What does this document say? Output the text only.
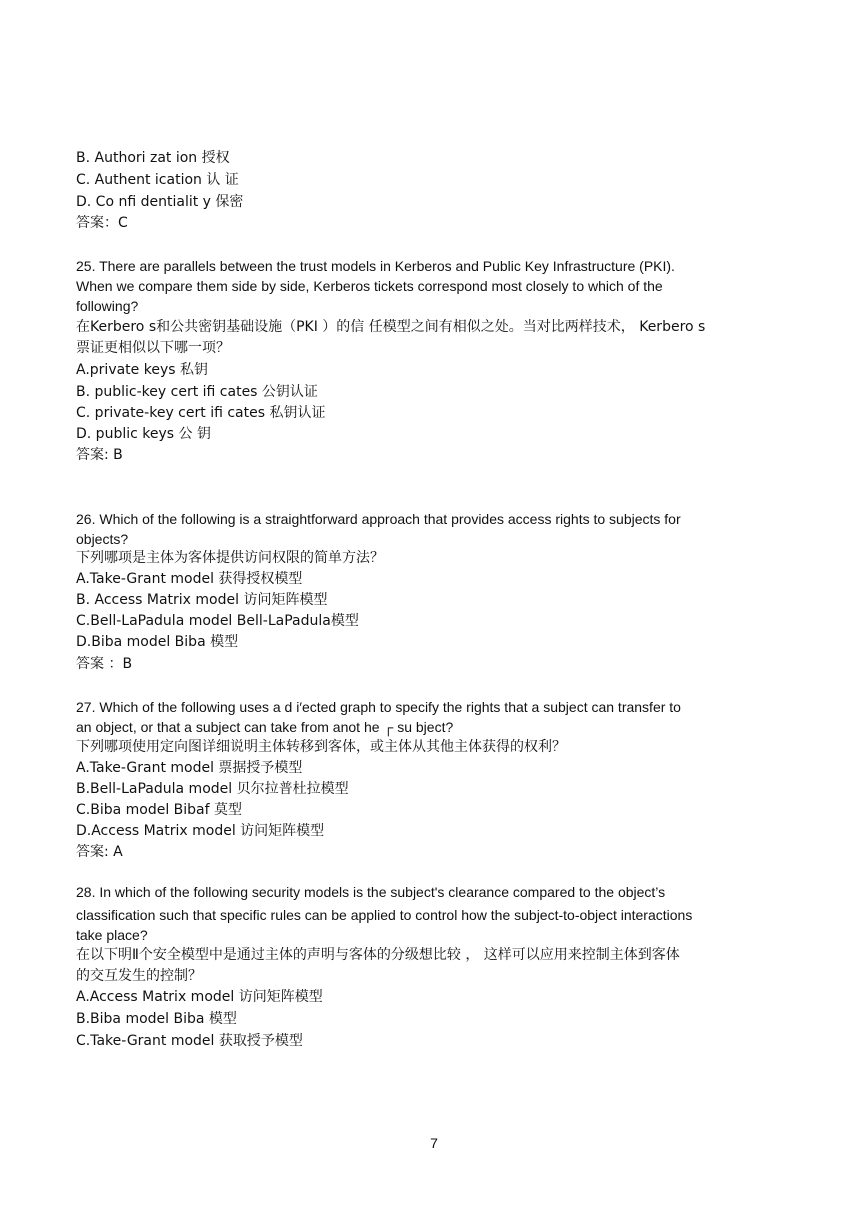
B. Authori zat ion 授权
C. Authent ication 认 证
D. Co nfi dentialit y 保密
答案：C
25. There are parallels between the trust models in Kerberos and Public Key Infrastructure (PKI).
When we compare them side by side, Kerberos tickets correspond most closely to which of the
following?
在Kerbero s和公共密钥基础设施（PKI ）的信 任模型之间有相似之处。当对比两样技术， Kerbero s
票证更相似以下哪一项？
A.private keys 私钥
B. public-key cert ifi cates 公钥认证
C. private-key cert ifi cates 私钥认证
D. public keys 公 钥
答案: B
26. Which of the following is a straightforward approach that provides access rights to subjects for
objects?
下列哪项是主体为客体提供访问权限的简单方法？
A.Take-Grant model 获得授权模型
B. Access Matrix model 访问矩阵模型
C.Bell-LaPadula model Bell-LaPadula模型
D.Biba model Biba 模型
答案 ：B
27. Which of the following uses a d i′ected graph to specify the rights that a subject can transfer to
an object, or that a subject can take from anot he ┌ su bject?
下列哪项使用定向图详细说明主体转移到客体，或主体从其他主体获得的权利？
A.Take-Grant model 票据授予模型
B.Bell-LaPadula model 贝尔拉普杜拉模型
C.Biba model Bibaf 莫型
D.Access Matrix model 访问矩阵模型
答案: A
28. In which of the following security models is the subject's clearance compared to the object’s
classification such that specific rules can be applied to control how the subject-to-object interactions
take place?
在以下明Ⅱ个安全模型中是通过主体的声明与客体的分级想比较 ， 这样可以应用来控制主体到客体
的交互发生的控制？
A.Access Matrix model 访问矩阵模型
B.Biba model Biba 模型
C.Take-Grant model 获取授予模型
7
